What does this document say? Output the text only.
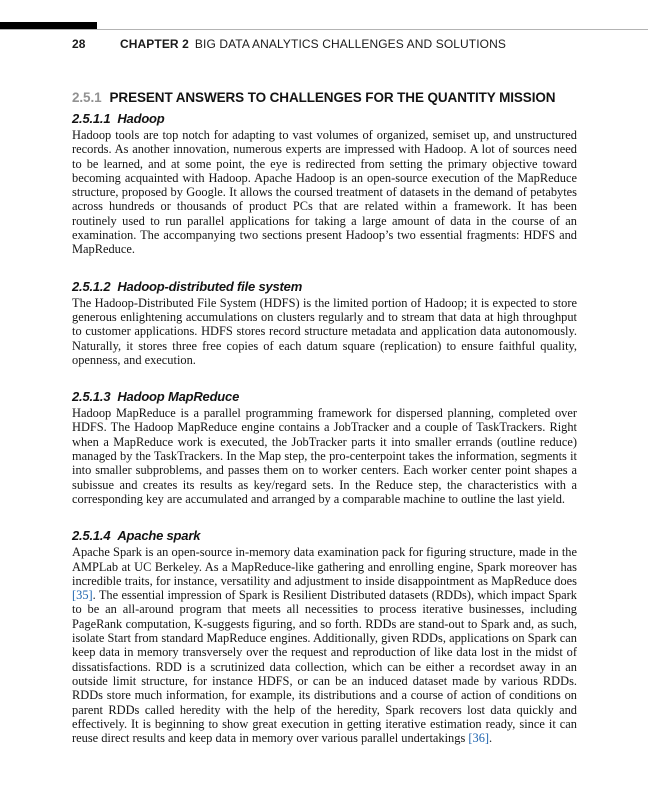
28	CHAPTER 2 BIG DATA ANALYTICS CHALLENGES AND SOLUTIONS
2.5.1 PRESENT ANSWERS TO CHALLENGES FOR THE QUANTITY MISSION
2.5.1.1 Hadoop

Hadoop tools are top notch for adapting to vast volumes of organized, semiset up, and unstructured records. As another innovation, numerous experts are impressed with Hadoop. A lot of sources need to be learned, and at some point, the eye is redirected from setting the primary objective toward becoming acquainted with Hadoop. Apache Hadoop is an open-source execution of the MapReduce structure, proposed by Google. It allows the coursed treatment of datasets in the demand of petabytes across hundreds or thousands of product PCs that are related within a framework. It has been routinely used to run parallel applications for taking a large amount of data in the course of an examination. The accompanying two sections present Hadoop’s two essential fragments: HDFS and MapReduce.

2.5.1.2 Hadoop-distributed file system

The Hadoop-Distributed File System (HDFS) is the limited portion of Hadoop; it is expected to store generous enlightening accumulations on clusters regularly and to stream that data at high throughput to customer applications. HDFS stores record structure metadata and application data autonomously. Naturally, it stores three free copies of each datum square (replication) to ensure faithful quality, openness, and execution.

2.5.1.3 Hadoop MapReduce

Hadoop MapReduce is a parallel programming framework for dispersed planning, completed over HDFS. The Hadoop MapReduce engine contains a JobTracker and a couple of TaskTrackers. Right when a MapReduce work is executed, the JobTracker parts it into smaller errands (outline reduce) managed by the TaskTrackers. In the Map step, the pro-centerpoint takes the information, segments it into smaller subproblems, and passes them on to worker centers. Each worker center point shapes a subissue and creates its results as key/regard sets. In the Reduce step, the characteristics with a corresponding key are accumulated and arranged by a comparable machine to outline the last yield.

2.5.1.4 Apache spark

Apache Spark is an open-source in-memory data examination pack for figuring structure, made in the AMPLab at UC Berkeley. As a MapReduce-like gathering and enrolling engine, Spark moreover has incredible traits, for instance, versatility and adjustment to inside disappointment as MapReduce does [35]. The essential impression of Spark is Resilient Distributed datasets (RDDs), which impact Spark to be an all-around program that meets all necessities to process iterative businesses, including PageRank computation, K-suggests figuring, and so forth. RDDs are stand-out to Spark and, as such, isolate Start from standard MapReduce engines. Additionally, given RDDs, applications on Spark can keep data in memory transversely over the request and reproduction of like data lost in the midst of dissatisfactions. RDD is a scrutinized data collection, which can be either a recordset away in an outside limit structure, for instance HDFS, or can be an induced dataset made by various RDDs. RDDs store much information, for example, its distributions and a course of action of conditions on parent RDDs called heredity with the help of the heredity, Spark recovers lost data quickly and effectively. It is beginning to show great execution in getting iterative estimation ready, since it can reuse direct results and keep data in memory over various parallel undertakings [36].
